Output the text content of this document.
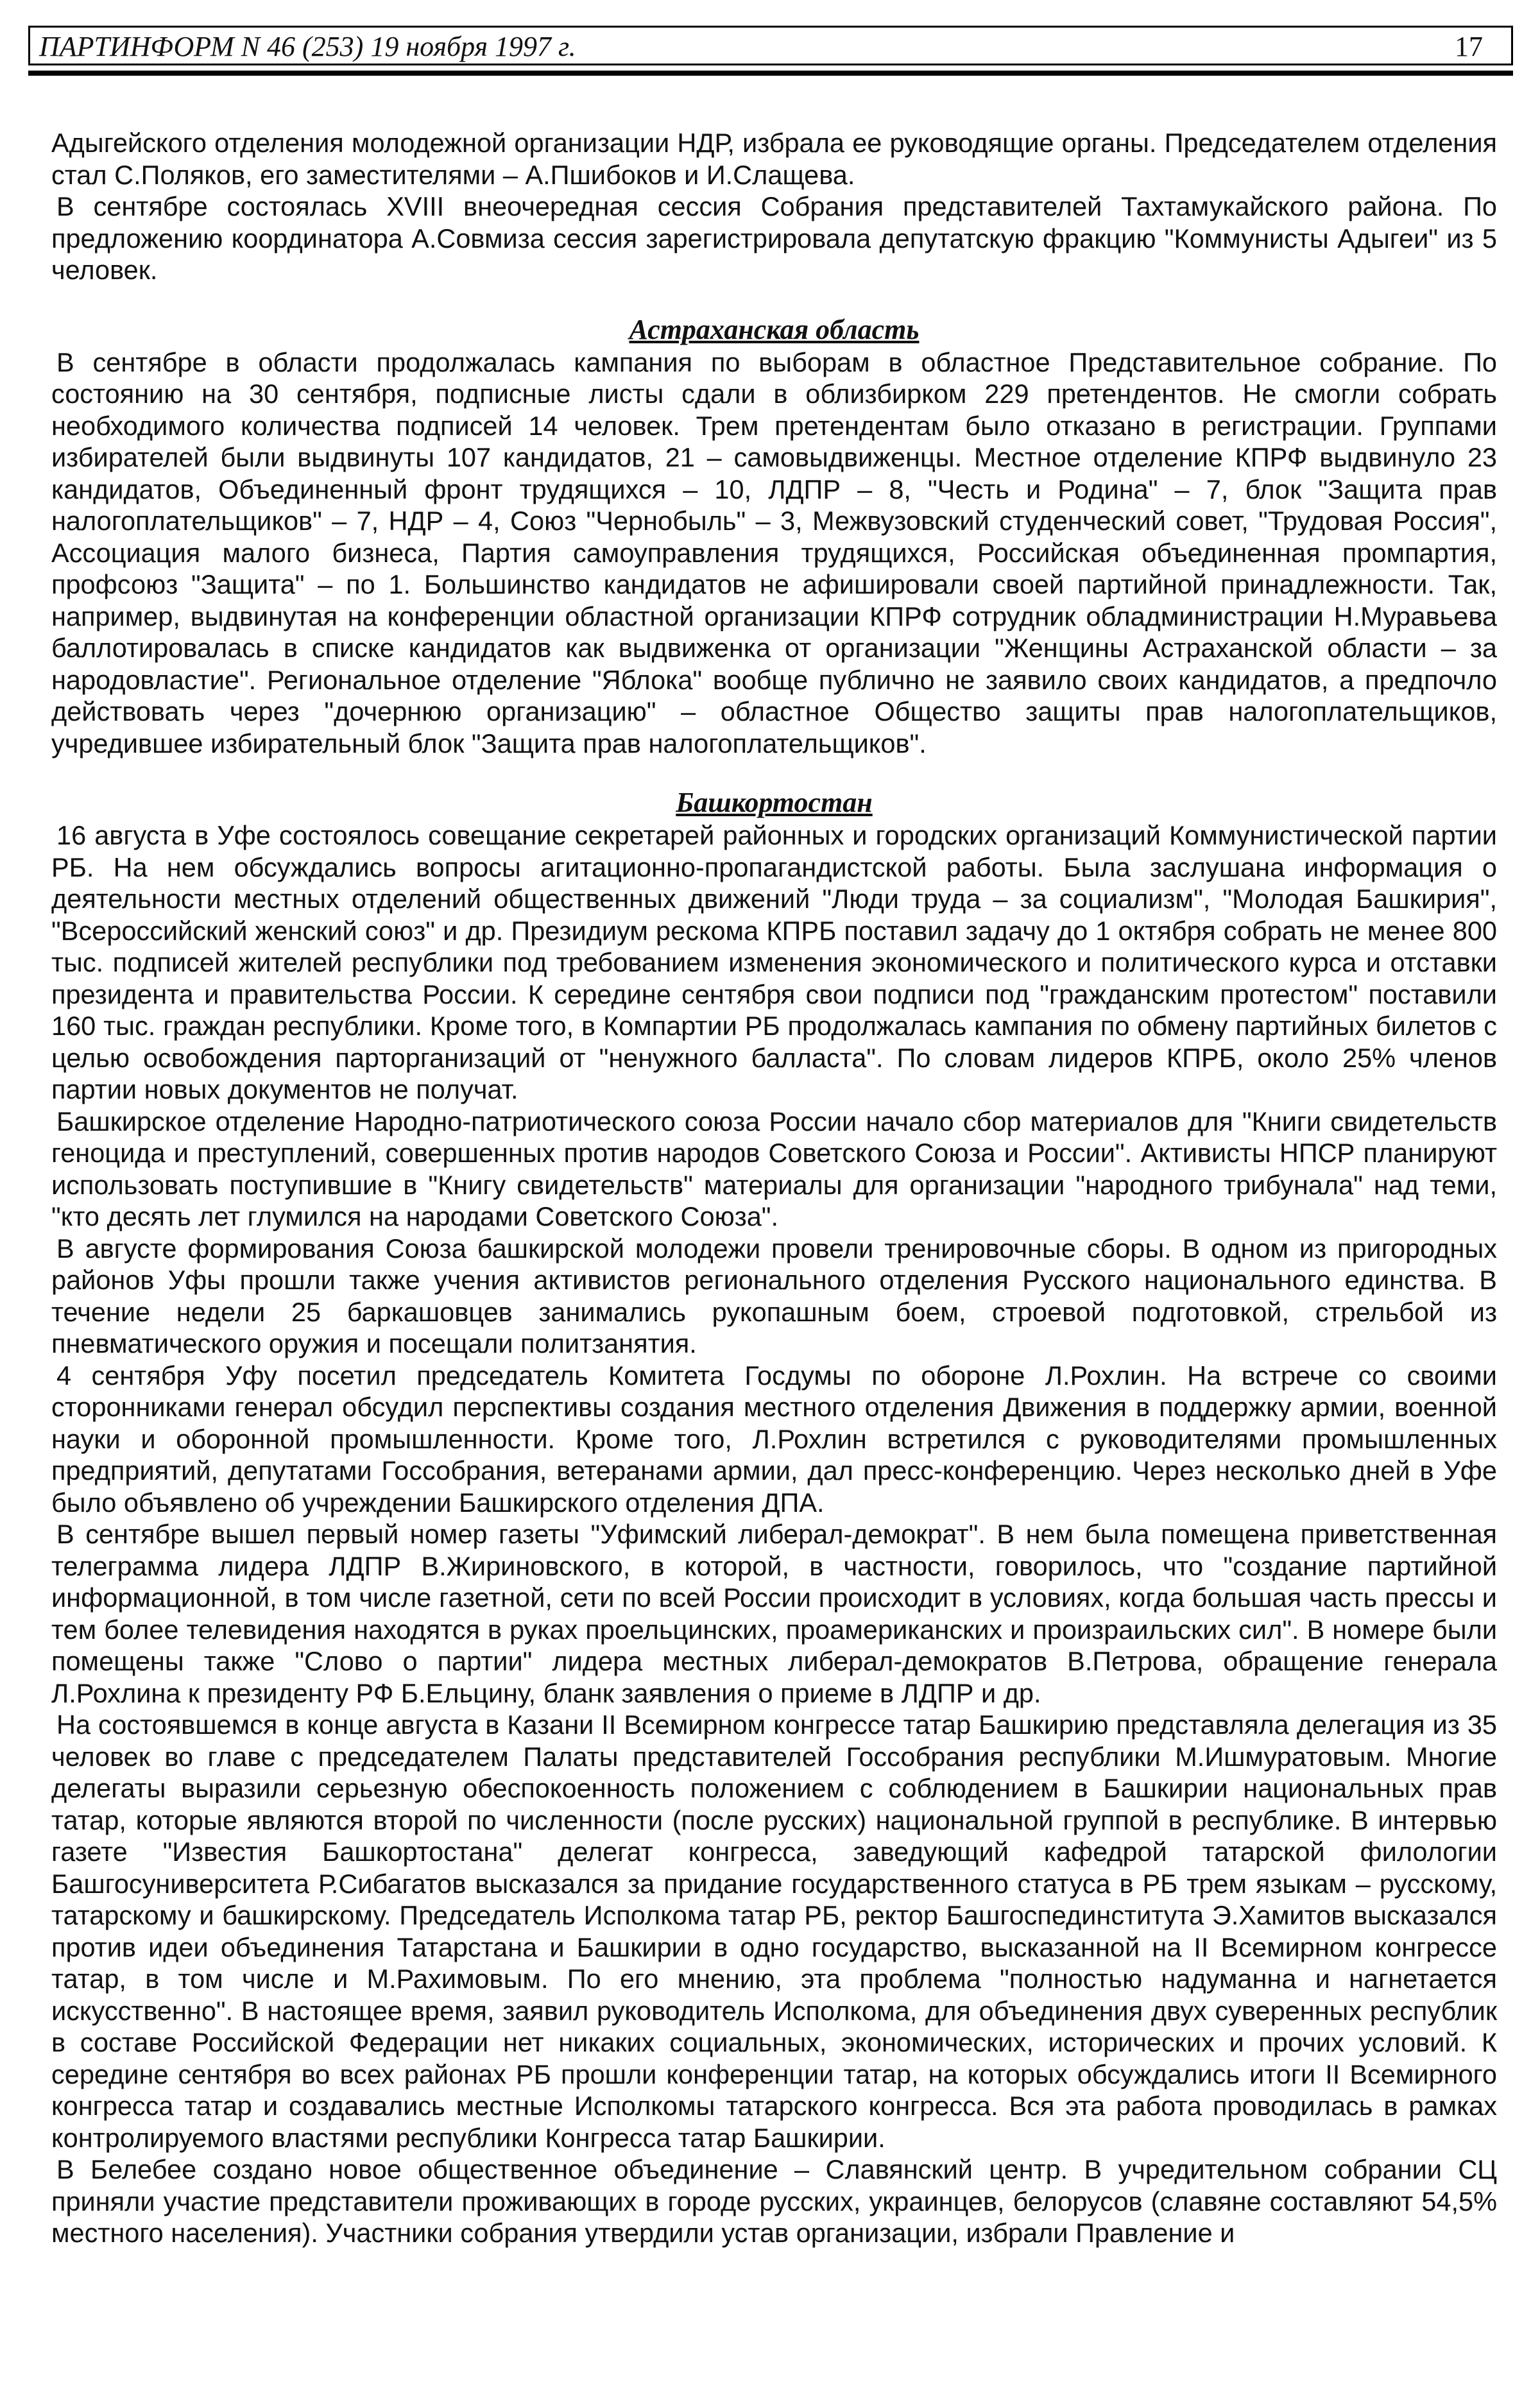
ПАРТИНФОРМ N 46 (253) 19 ноября 1997 г.	17

Адыгейского отделения молодежной организации НДР, избрала ее руководящие органы. Председателем отделения стал С.Поляков, его заместителями – А.Пшибоков и И.Слащева.

В сентябре состоялась XVIII внеочередная сессия Собрания представителей Тахтамукайского района. По предложению координатора А.Совмиза сессия зарегистрировала депутатскую фракцию "Коммунисты Адыгеи" из 5 человек.

Астраханская область

В сентябре в области продолжалась кампания по выборам в областное Представительное собрание. По состоянию на 30 сентября, подписные листы сдали в облизбирком 229 претендентов. Не смогли собрать необходимого количества подписей 14 человек. Трем претендентам было отказано в регистрации. Группами избирателей были выдвинуты 107 кандидатов, 21 – самовыдвиженцы. Местное отделение КПРФ выдвинуло 23 кандидатов, Объединенный фронт трудящихся – 10, ЛДПР – 8, "Честь и Родина" – 7, блок "Защита прав налогоплательщиков" – 7, НДР – 4, Союз "Чернобыль" – 3, Межвузовский студенческий совет, "Трудовая Россия", Ассоциация малого бизнеса, Партия самоуправления трудящихся, Российская объединенная промпартия, профсоюз "Защита" – по 1. Большинство кандидатов не афишировали своей партийной принадлежности. Так, например, выдвинутая на конференции областной организации КПРФ сотрудник обладминистрации Н.Муравьева баллотировалась в списке кандидатов как выдвиженка от организации "Женщины Астраханской области – за народовластие". Региональное отделение "Яблока" вообще публично не заявило своих кандидатов, а предпочло действовать через "дочернюю организацию" – областное Общество защиты прав налогоплательщиков, учредившее избирательный блок "Защита прав налогоплательщиков".

Башкортостан

16 августа в Уфе состоялось совещание секретарей районных и городских организаций Коммунистической партии РБ. На нем обсуждались вопросы агитационно-пропагандистской работы. Была заслушана информация о деятельности местных отделений общественных движений "Люди труда – за социализм", "Молодая Башкирия", "Всероссийский женский союз" и др. Президиум рескома КПРБ поставил задачу до 1 октября собрать не менее 800 тыс. подписей жителей республики под требованием изменения экономического и политического курса и отставки президента и правительства России. К середине сентября свои подписи под "гражданским протестом" поставили 160 тыс. граждан республики. Кроме того, в Компартии РБ продолжалась кампания по обмену партийных билетов с целью освобождения парторганизаций от "ненужного балласта". По словам лидеров КПРБ, около 25% членов партии новых документов не получат.

Башкирское отделение Народно-патриотического союза России начало сбор материалов для "Книги свидетельств геноцида и преступлений, совершенных против народов Советского Союза и России". Активисты НПСР планируют использовать поступившие в "Книгу свидетельств" материалы для организации "народного трибунала" над теми, "кто десять лет глумился на народами Советского Союза".

В августе формирования Союза башкирской молодежи провели тренировочные сборы. В одном из пригородных районов Уфы прошли также учения активистов регионального отделения Русского национального единства. В течение недели 25 баркашовцев занимались рукопашным боем, строевой подготовкой, стрельбой из пневматического оружия и посещали политзанятия.

4 сентября Уфу посетил председатель Комитета Госдумы по обороне Л.Рохлин. На встрече со своими сторонниками генерал обсудил перспективы создания местного отделения Движения в поддержку армии, военной науки и оборонной промышленности. Кроме того, Л.Рохлин встретился с руководителями промышленных предприятий, депутатами Госсобрания, ветеранами армии, дал пресс-конференцию. Через несколько дней в Уфе было объявлено об учреждении Башкирского отделения ДПА.

В сентябре вышел первый номер газеты "Уфимский либерал-демократ". В нем была помещена приветственная телеграмма лидера ЛДПР В.Жириновского, в которой, в частности, говорилось, что "создание партийной информационной, в том числе газетной, сети по всей России происходит в условиях, когда большая часть прессы и тем более телевидения находятся в руках проельцинских, проамериканских и произраильских сил". В номере были помещены также "Слово о партии" лидера местных либерал-демократов В.Петрова, обращение генерала Л.Рохлина к президенту РФ Б.Ельцину, бланк заявления о приеме в ЛДПР и др.

На состоявшемся в конце августа в Казани II Всемирном конгрессе татар Башкирию представляла делегация из 35 человек во главе с председателем Палаты представителей Госсобрания республики М.Ишмуратовым. Многие делегаты выразили серьезную обеспокоенность положением с соблюдением в Башкирии национальных прав татар, которые являются второй по численности (после русских) национальной группой в республике. В интервью газете "Известия Башкортостана" делегат конгресса, заведующий кафедрой татарской филологии Башгосуниверситета Р.Сибагатов высказался за придание государственного статуса в РБ трем языкам – русскому, татарскому и башкирскому. Председатель Исполкома татар РБ, ректор Башгоспединститута Э.Хамитов высказался против идеи объединения Татарстана и Башкирии в одно государство, высказанной на II Всемирном конгрессе татар, в том числе и М.Рахимовым. По его мнению, эта проблема "полностью надуманна и нагнетается искусственно". В настоящее время, заявил руководитель Исполкома, для объединения двух суверенных республик в составе Российской Федерации нет никаких социальных, экономических, исторических и прочих условий. К середине сентября во всех районах РБ прошли конференции татар, на которых обсуждались итоги II Всемирного конгресса татар и создавались местные Исполкомы татарского конгресса. Вся эта работа проводилась в рамках контролируемого властями республики Конгресса татар Башкирии.

В Белебее создано новое общественное объединение – Славянский центр. В учредительном собрании СЦ приняли участие представители проживающих в городе русских, украинцев, белорусов (славяне составляют 54,5% местного населения). Участники собрания утвердили устав организации, избрали Правление и
